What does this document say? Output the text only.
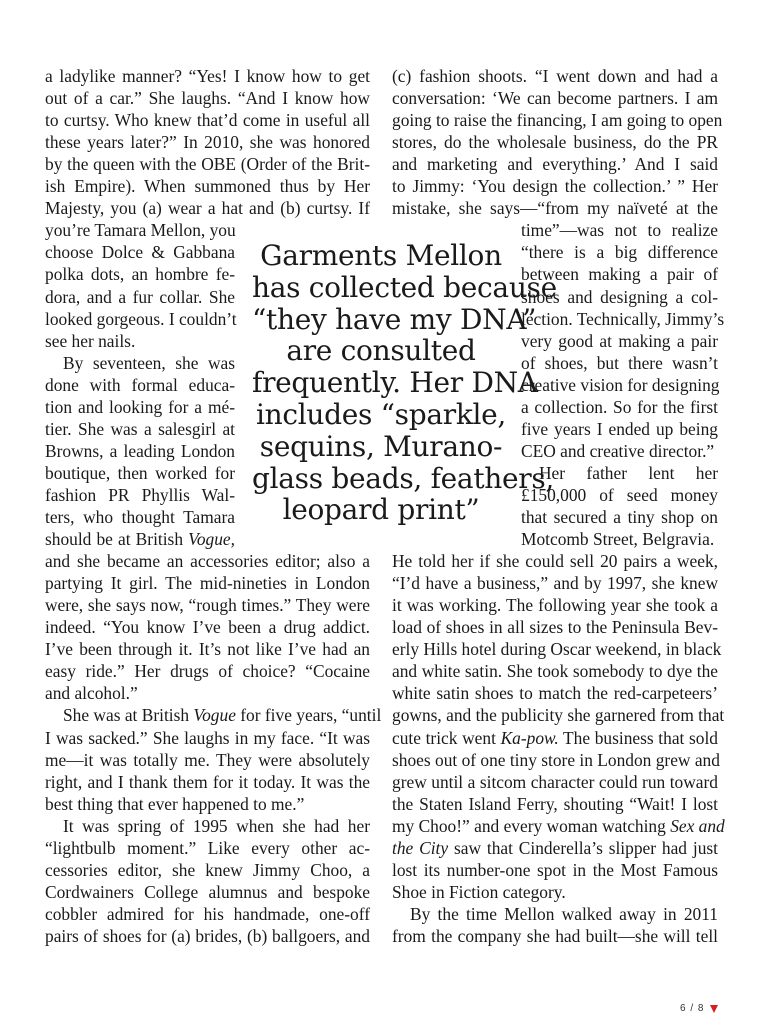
a ladylike manner? “Yes! I know how to get
out of a car.” She laughs. “And I know how
to curtsy. Who knew that’d come in useful all
these years later?” In 2010, she was honored
by the queen with the OBE (Order of the Brit-
ish Empire). When summoned thus by Her
Majesty, you (a) wear a hat and (b) curtsy. If
you’re Tamara Mellon, you
choose Dolce & Gabbana
polka dots, an hombre fe-
dora, and a fur collar. She
looked gorgeous. I couldn’t
see her nails.
By seventeen, she was
done with formal educa-
tion and looking for a mé-
tier. She was a salesgirl at
Browns, a leading London
boutique, then worked for
fashion PR Phyllis Wal-
ters, who thought Tamara
should be at British Vogue,
and she became an accessories editor; also a
partying It girl. The mid-nineties in London
were, she says now, “rough times.” They were
indeed. “You know I’ve been a drug addict.
I’ve been through it. It’s not like I’ve had an
easy ride.” Her drugs of choice? “Cocaine
and alcohol.”
She was at British Vogue for five years, “until
I was sacked.” She laughs in my face. “It was
me—it was totally me. They were absolutely
right, and I thank them for it today. It was the
best thing that ever happened to me.”
It was spring of 1995 when she had her
“lightbulb moment.” Like every other ac-
cessories editor, she knew Jimmy Choo, a
Cordwainers College alumnus and bespoke
cobbler admired for his handmade, one-off
pairs of shoes for (a) brides, (b) ballgoers, and
(c) fashion shoots. “I went down and had a
conversation: ‘We can become partners. I am
going to raise the financing, I am going to open
stores, do the wholesale business, do the PR
and marketing and everything.’ And I said
to Jimmy: ‘You design the collection.’ ” Her
mistake, she says—“from my naïveté at the
time”—was not to realize
“there is a big difference
between making a pair of
shoes and designing a col-
lection. Technically, Jimmy’s
very good at making a pair
of shoes, but there wasn’t
creative vision for designing
a collection. So for the first
five years I ended up being
CEO and creative director.”
Her father lent her
£150,000 of seed money
that secured a tiny shop on
Motcomb Street, Belgravia.
He told her if she could sell 20 pairs a week,
“I’d have a business,” and by 1997, she knew
it was working. The following year she took a
load of shoes in all sizes to the Peninsula Bev-
erly Hills hotel during Oscar weekend, in black
and white satin. She took somebody to dye the
white satin shoes to match the red-carpeteers’
gowns, and the publicity she garnered from that
cute trick went Ka-pow. The business that sold
shoes out of one tiny store in London grew and
grew until a sitcom character could run toward
the Staten Island Ferry, shouting “Wait! I lost
my Choo!” and every woman watching Sex and
the City saw that Cinderella’s slipper had just
lost its number-one spot in the Most Famous
Shoe in Fiction category.
By the time Mellon walked away in 2011
from the company she had built—she will tell
Garments Mellon
has collected because
“they have my DNA”
are consulted
frequently. Her DNA
includes “sparkle,
sequins, Murano-
glass beads, feathers,
leopard print”
6 / 8
